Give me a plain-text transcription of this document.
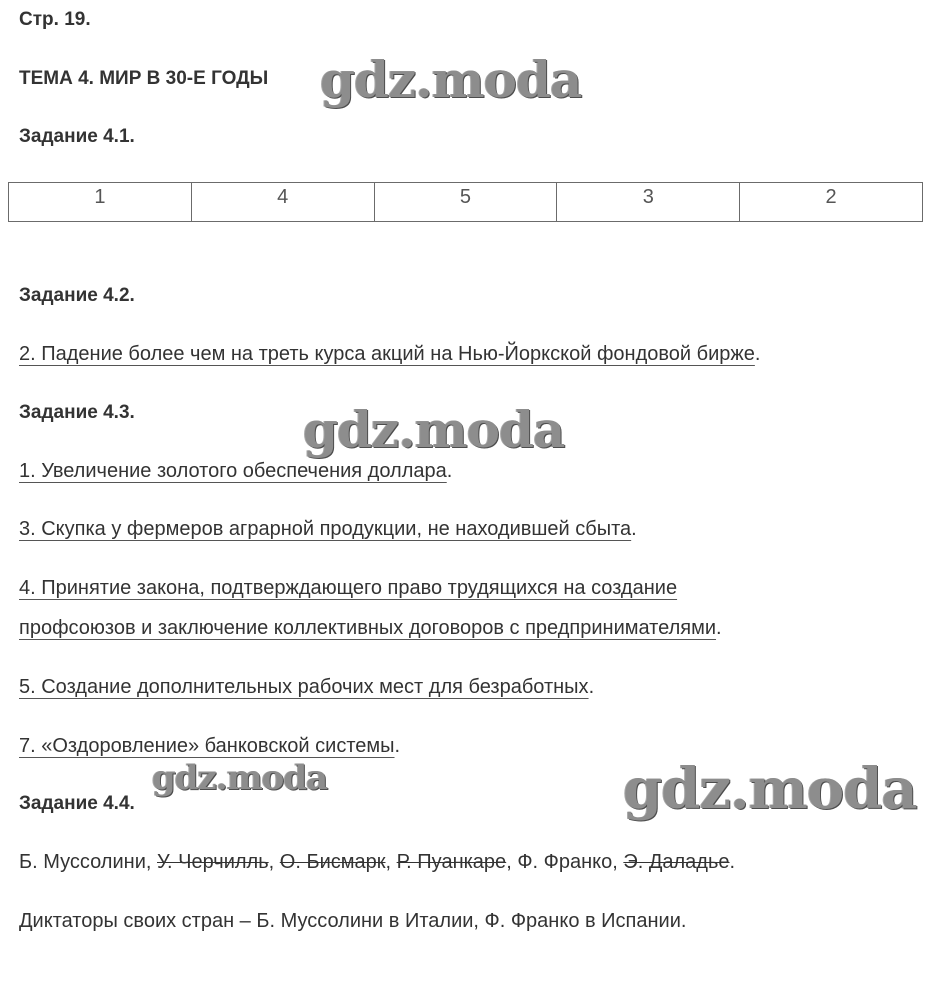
Стр. 19.
ТЕМА 4. МИР В 30-Е ГОДЫ
Задание 4.1.
1	4	5	3	2
Задание 4.2.
2. Падение более чем на треть курса акций на Нью-Йоркской фондовой бирже.
Задание 4.3.
1. Увеличение золотого обеспечения доллара.
3. Скупка у фермеров аграрной продукции, не находившей сбыта.
4. Принятие закона, подтверждающего право трудящихся на создание
профсоюзов и заключение коллективных договоров с предпринимателями.
5. Создание дополнительных рабочих мест для безработных.
7. «Оздоровление» банковской системы.
Задание 4.4.
Б. Муссолини, У. Черчилль, О. Бисмарк, Р. Пуанкаре, Ф. Франко, Э. Даладье.
Диктаторы своих стран – Б. Муссолини в Италии, Ф. Франко в Испании.
gdz.moda
gdz.moda
gdz.moda	gdz.moda
